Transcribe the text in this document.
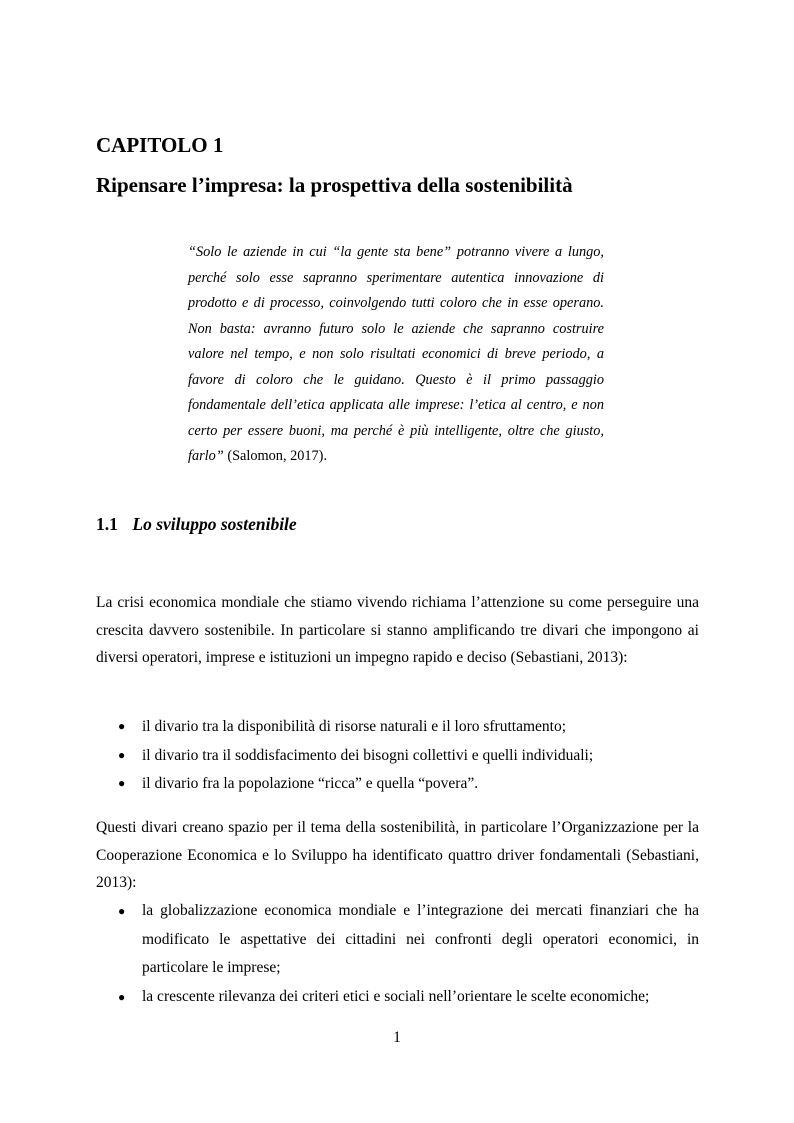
CAPITOLO 1
Ripensare l’impresa: la prospettiva della sostenibilità

“Solo le aziende in cui “la gente sta bene” potranno vivere a lungo, perché solo esse sapranno sperimentare autentica innovazione di prodotto e di processo, coinvolgendo tutti coloro che in esse operano. Non basta: avranno futuro solo le aziende che sapranno costruire valore nel tempo, e non solo risultati economici di breve periodo, a favore di coloro che le guidano. Questo è il primo passaggio fondamentale dell’etica applicata alle imprese: l’etica al centro, e non certo per essere buoni, ma perché è più intelligente, oltre che giusto, farlo” (Salomon, 2017).

1.1 Lo sviluppo sostenibile

La crisi economica mondiale che stiamo vivendo richiama l’attenzione su come perseguire una crescita davvero sostenibile. In particolare si stanno amplificando tre divari che impongono ai diversi operatori, imprese e istituzioni un impegno rapido e deciso (Sebastiani, 2013):

● il divario tra la disponibilità di risorse naturali e il loro sfruttamento;
● il divario tra il soddisfacimento dei bisogni collettivi e quelli individuali;
● il divario fra la popolazione “ricca” e quella “povera”.

Questi divari creano spazio per il tema della sostenibilità, in particolare l’Organizzazione per la Cooperazione Economica e lo Sviluppo ha identificato quattro driver fondamentali (Sebastiani, 2013):

● la globalizzazione economica mondiale e l’integrazione dei mercati finanziari che ha modificato le aspettative dei cittadini nei confronti degli operatori economici, in particolare le imprese;
● la crescente rilevanza dei criteri etici e sociali nell’orientare le scelte economiche;

1
